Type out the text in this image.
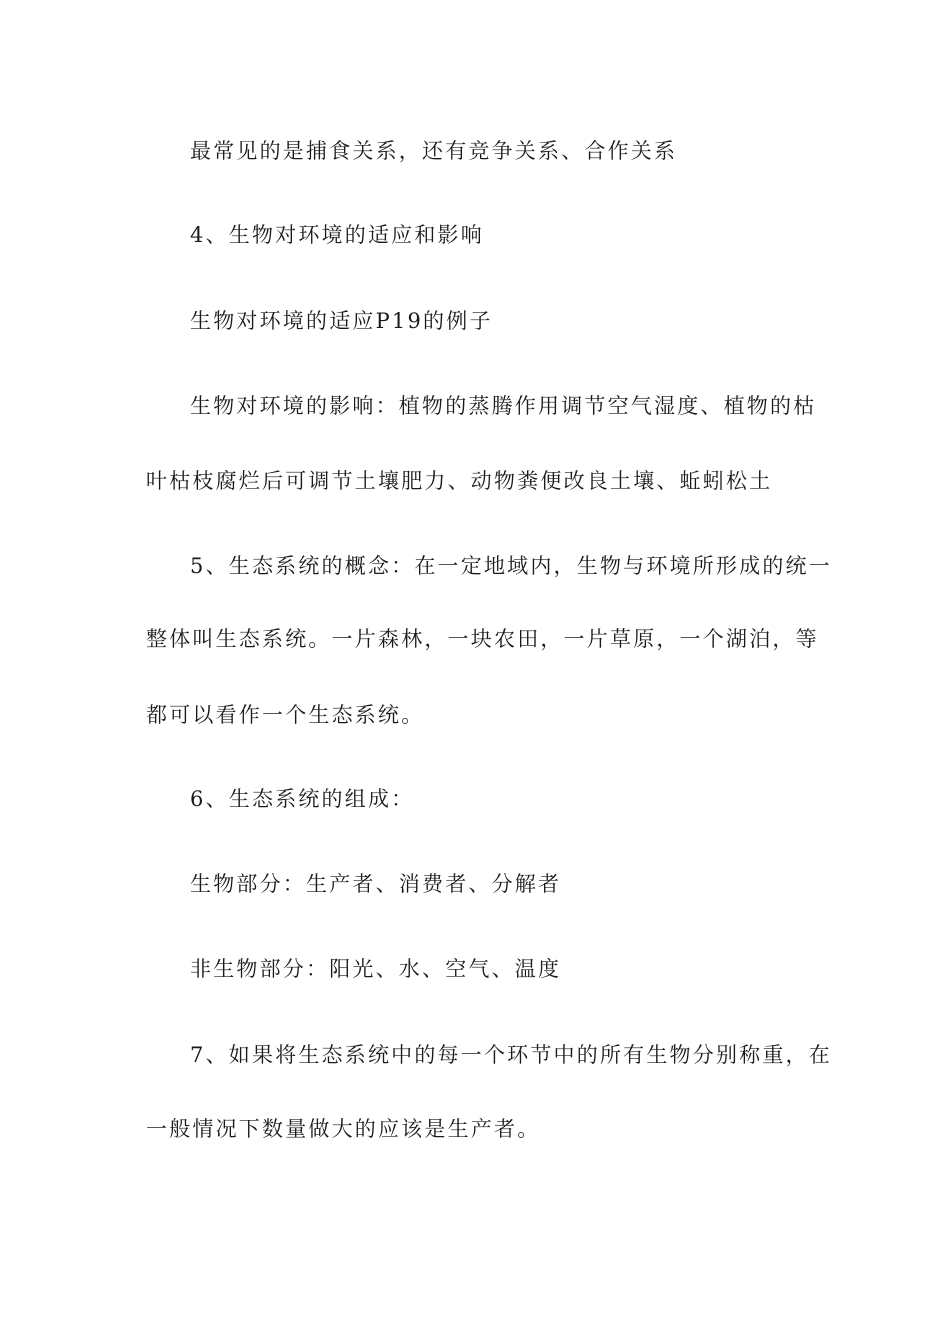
最常见的是捕食关系，还有竞争关系、合作关系
4、生物对环境的适应和影响
生物对环境的适应P19的例子
生物对环境的影响：植物的蒸腾作用调节空气湿度、植物的枯
叶枯枝腐烂后可调节土壤肥力、动物粪便改良土壤、蚯蚓松土
5、生态系统的概念：在一定地域内，生物与环境所形成的统一
整体叫生态系统。一片森林，一块农田，一片草原，一个湖泊，等
都可以看作一个生态系统。
6、生态系统的组成：
生物部分：生产者、消费者、分解者
非生物部分：阳光、水、空气、温度
7、如果将生态系统中的每一个环节中的所有生物分别称重，在
一般情况下数量做大的应该是生产者。
